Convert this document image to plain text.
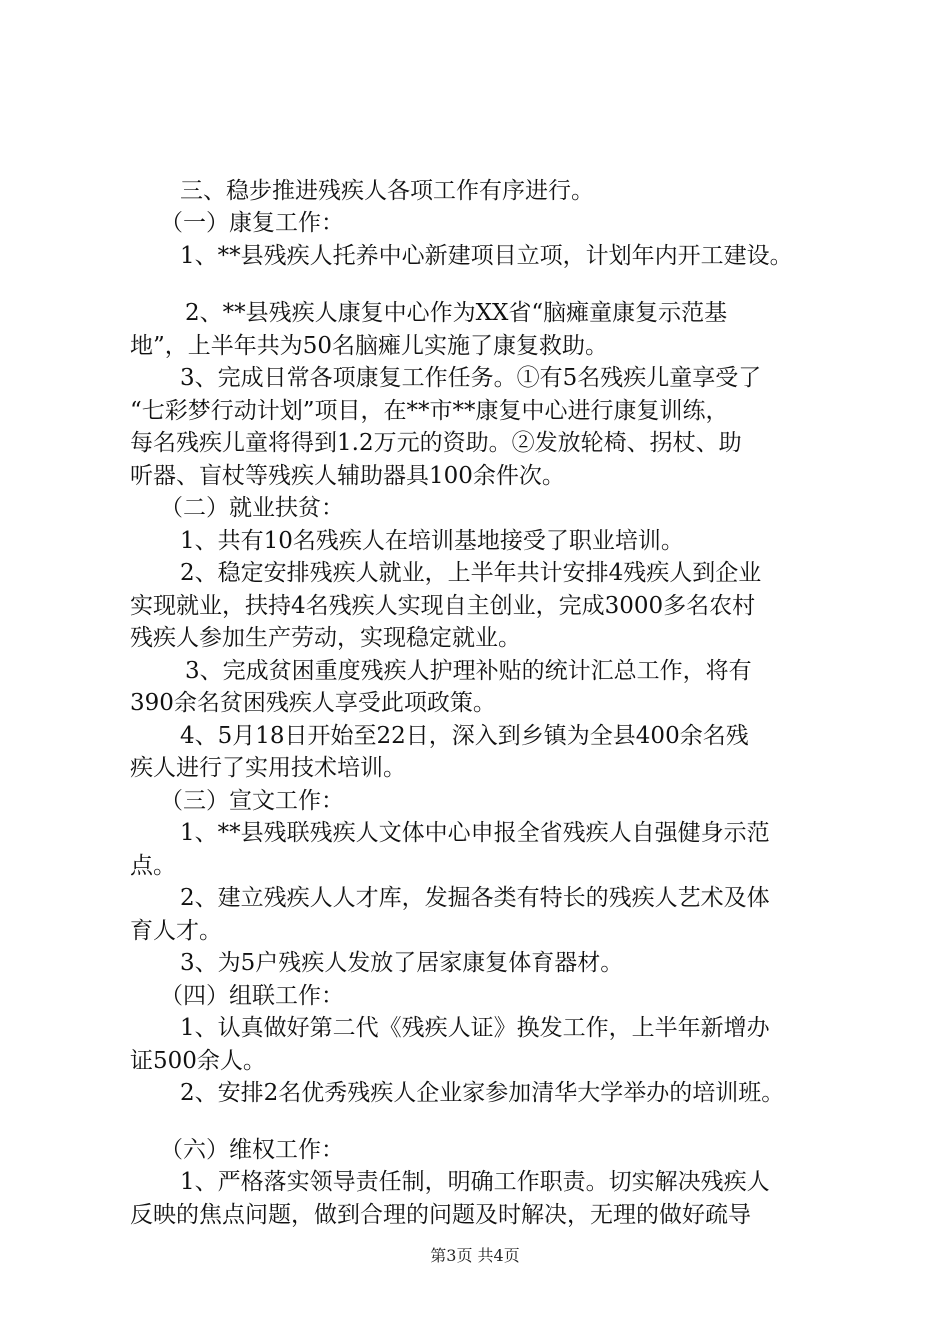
三、稳步推进残疾人各项工作有序进行。
（一）康复工作：
1、**县残疾人托养中心新建项目立项，计划年内开工建设。
2、**县残疾人康复中心作为XX省“脑瘫童康复示范基
地”，上半年共为50名脑瘫儿实施了康复救助。
3、完成日常各项康复工作任务。①有5名残疾儿童享受了
“七彩梦行动计划”项目，在**市**康复中心进行康复训练，
每名残疾儿童将得到1.2万元的资助。②发放轮椅、拐杖、助
听器、盲杖等残疾人辅助器具100余件次。
（二）就业扶贫：
1、共有10名残疾人在培训基地接受了职业培训。
2、稳定安排残疾人就业，上半年共计安排4残疾人到企业
实现就业，扶持4名残疾人实现自主创业，完成3000多名农村
残疾人参加生产劳动，实现稳定就业。
3、完成贫困重度残疾人护理补贴的统计汇总工作，将有
390余名贫困残疾人享受此项政策。
4、5月18日开始至22日，深入到乡镇为全县400余名残
疾人进行了实用技术培训。
（三）宣文工作：
1、**县残联残疾人文体中心申报全省残疾人自强健身示范
点。
2、建立残疾人人才库，发掘各类有特长的残疾人艺术及体
育人才。
3、为5户残疾人发放了居家康复体育器材。
（四）组联工作：
1、认真做好第二代《残疾人证》换发工作，上半年新增办
证500余人。
2、安排2名优秀残疾人企业家参加清华大学举办的培训班。
（六）维权工作：
1、严格落实领导责任制，明确工作职责。切实解决残疾人
反映的焦点问题，做到合理的问题及时解决，无理的做好疏导
第3页 共4页
